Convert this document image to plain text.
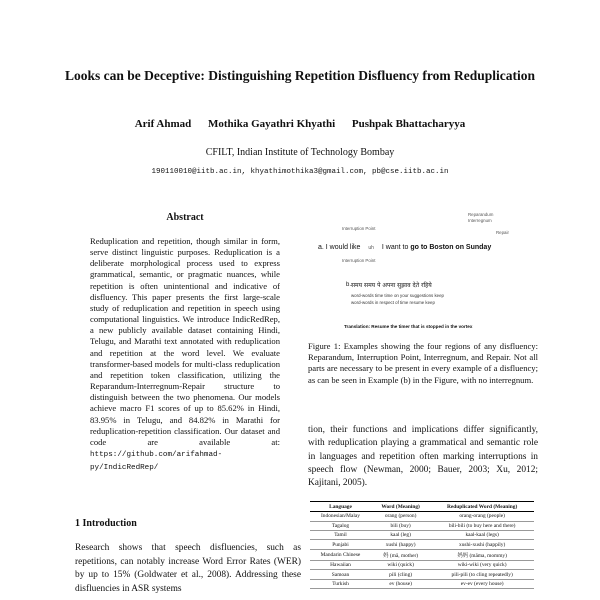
Looks can be Deceptive: Distinguishing Repetition Disfluency from Reduplication
Arif Ahmad Mothika Gayathri Khyathi Pushpak Bhattacharyya
CFILT, Indian Institute of Technology Bombay
190110010@iitb.ac.in, khyathimothika3@gmail.com, pb@cse.iitb.ac.in
Abstract
Reduplication and repetition, though similar in form, serve distinct linguistic purposes. Reduplication is a deliberate morphological process used to express grammatical, semantic, or pragmatic nuances, while repetition is often unintentional and indicative of disfluency. This paper presents the first large-scale study of reduplication and repetition in speech using computational linguistics. We introduce IndicRedRep, a new publicly available dataset containing Hindi, Telugu, and Marathi text annotated with reduplication and repetition at the word level. We evaluate transformer-based models for multi-class reduplication and repetition token classification, utilizing the Reparandum-Interregnum-Repair structure to distinguish between the two phenomena. Our models achieve macro F1 scores of up to 85.62% in Hindi, 83.95% in Telugu, and 84.82% in Marathi for reduplication-repetition classification. Our dataset and code are available at: https://github.com/arifahmad-py/IndicRedRep/
1 Introduction
Research shows that speech disfluencies, such as repetitions, can notably increase Word Error Rates (WER) by up to 15% (Goldwater et al., 2008). Addressing these disfluencies in ASR systems
Reparandum
Interregnum
Repair
Interruption Point
Interruption Point
a. I would like uh I want to go to Boston on Sunday
b. समय समय पे अपना सुझाव देते रहिये
word-words time time on your suggestions keep
word-words in respect of time resume keep
Translation: Resume the timer that is stopped in the vortex
Figure 1: Examples showing the four regions of any disfluency: Reparandum, Interruption Point, Interregnum, and Repair. Not all parts are necessary to be present in every example of a disfluency; as can be seen in Example (b) in the Figure, with no interregnum.
tion, their functions and implications differ significantly, with reduplication playing a grammatical and semantic role in languages and repetition often marking interruptions in speech flow (Newman, 2000; Bauer, 2003; Xu, 2012; Kajitani, 2005).
Language	Word (Meaning)	Reduplicated Word (Meaning)
Indonesian/Malay	orang (person)	orang-orang (people)
Tagalog	bili (buy)	bili-bili (to buy here and there)
Tamil	kaal (leg)	kaal-kaal (legs)
Punjabi	xushi (happy)	xushi-xushi (happily)
Mandarin Chinese	妈 (mā, mother)	妈妈 (māma, mommy)
Hawaiian	wiki (quick)	wiki-wiki (very quick)
Samoan	pili (cling)	pili-pili (to cling repeatedly)
Turkish	ev (house)	ev-ev (every house)
